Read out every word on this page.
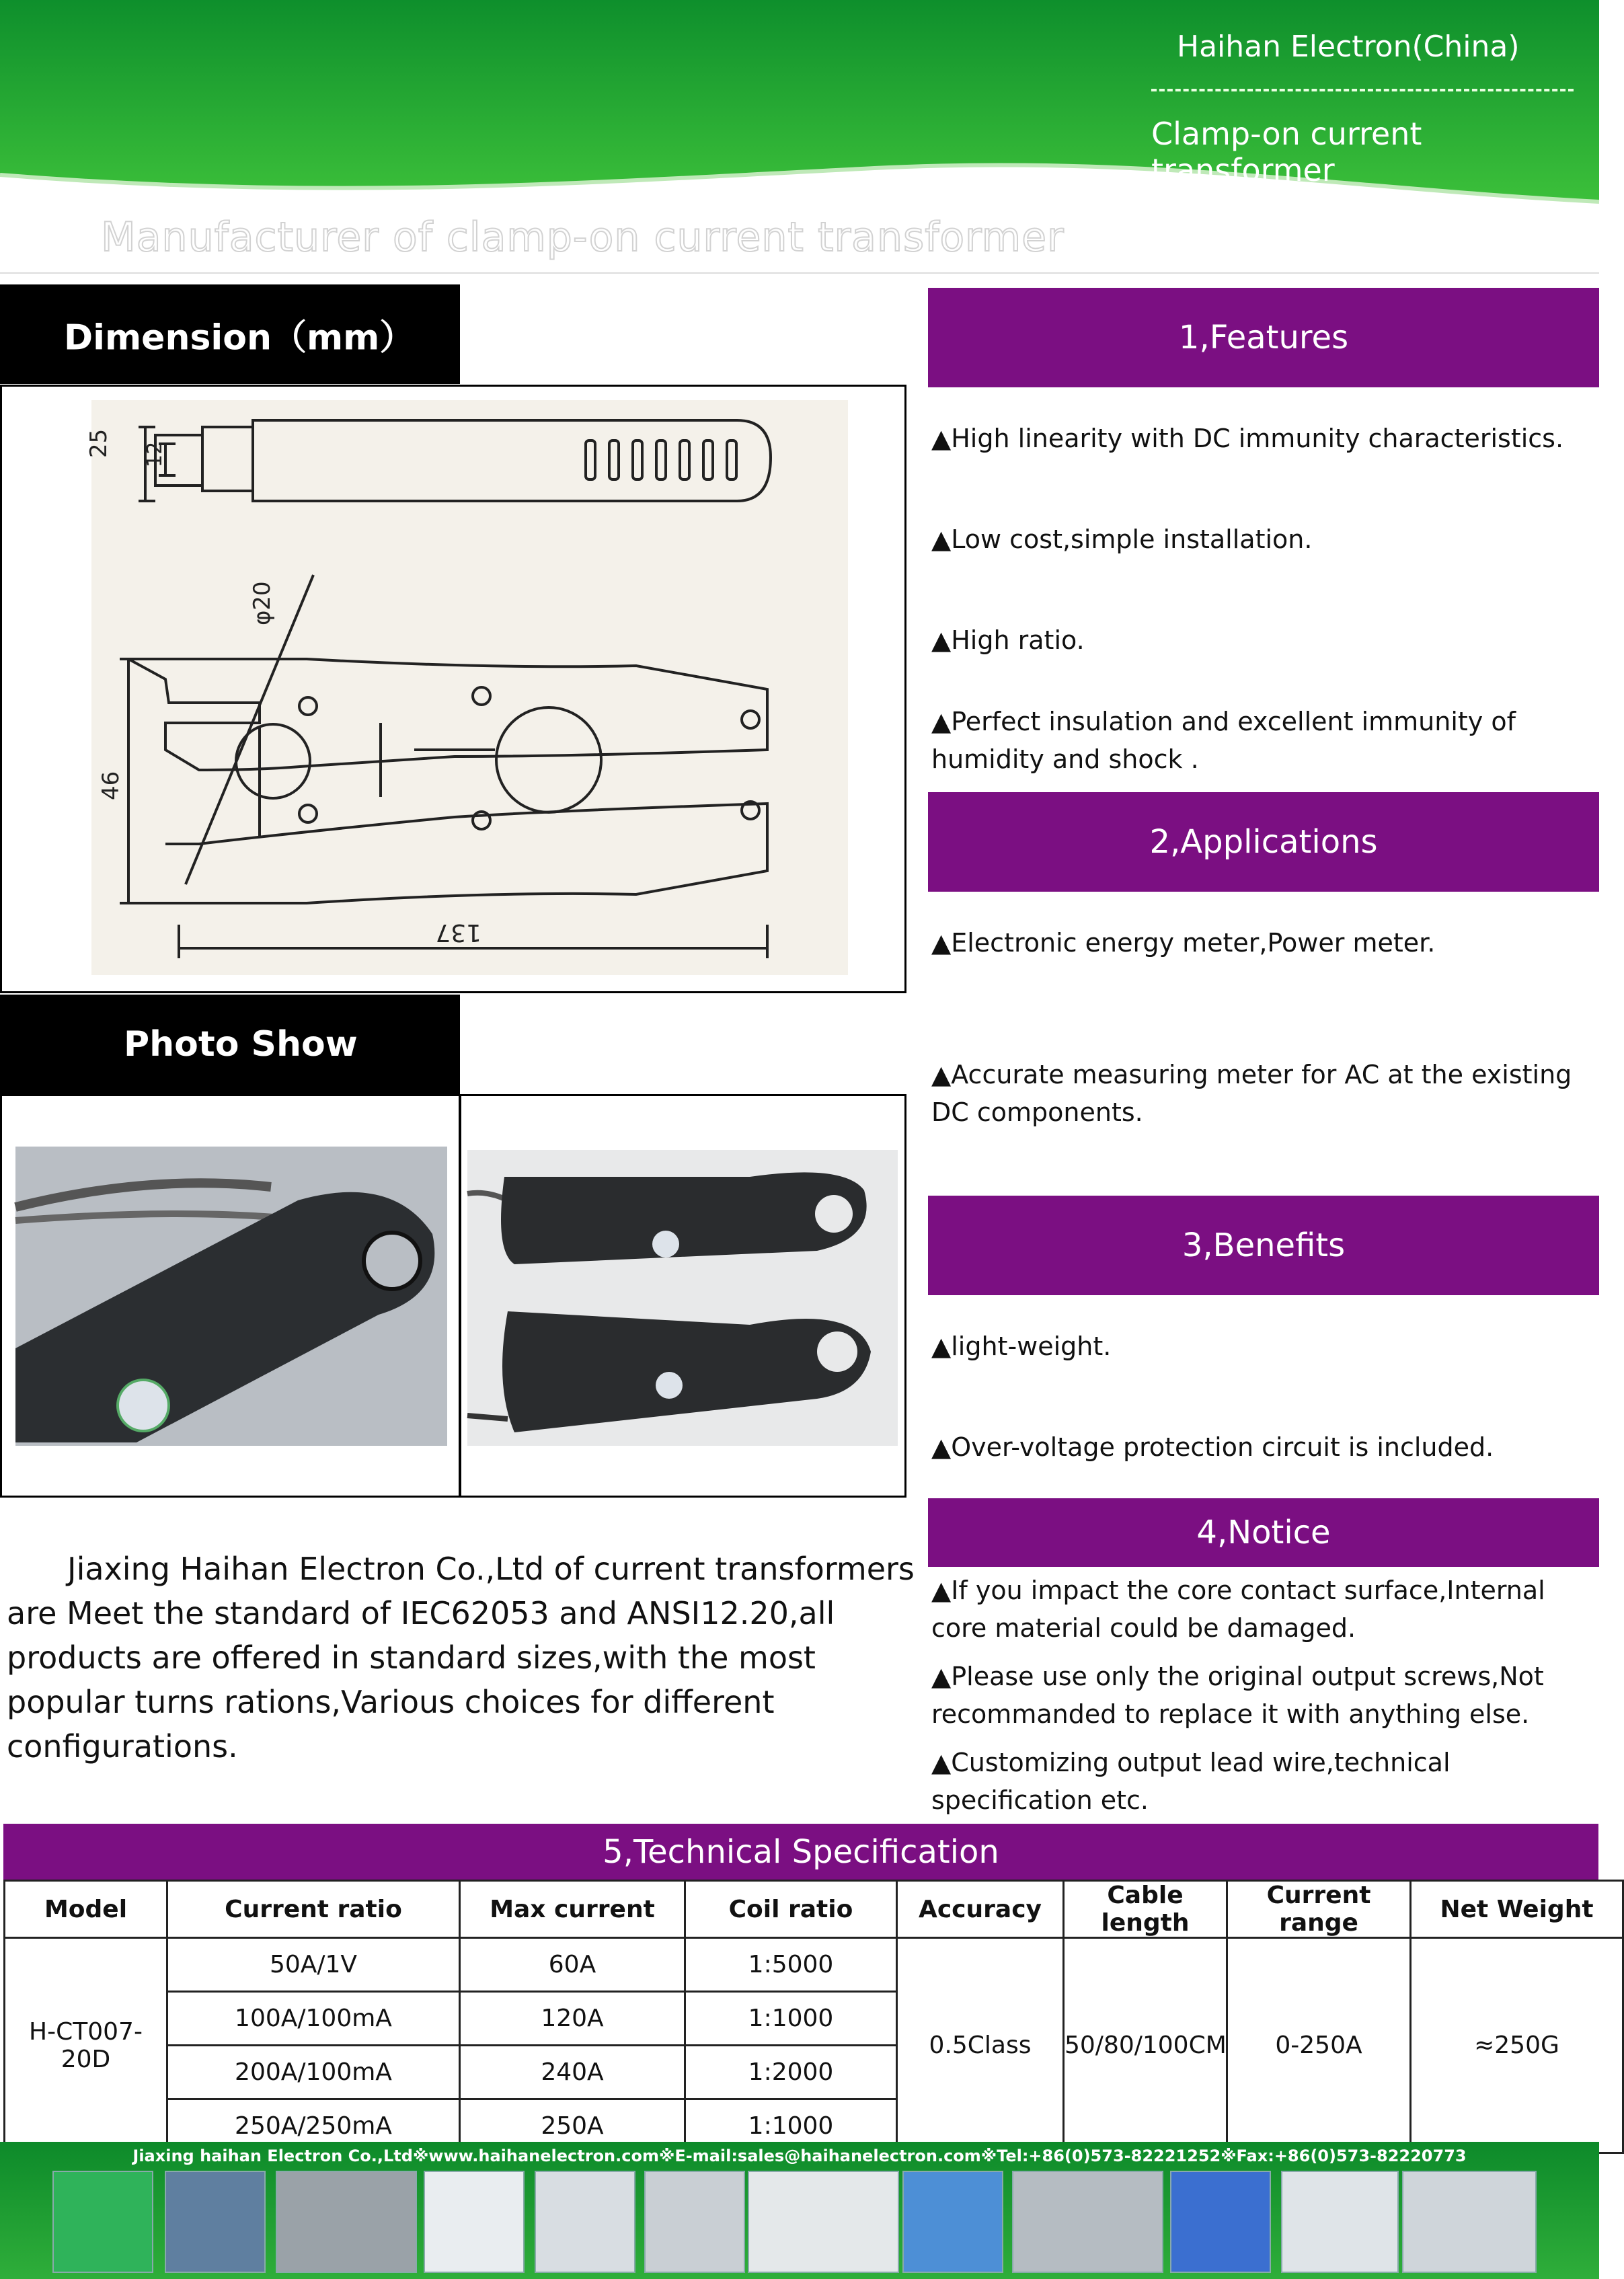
Haihan Electron(China)
Clamp-on current transformer
Manufacturer of clamp-on current transformer
Dimension（mm）
25 12
φ20
46
137
Photo Show
Jiaxing Haihan Electron Co.,Ltd of current transformers are Meet the standard of IEC62053 and ANSI12.20,all products are offered in standard sizes,with the most popular turns rations,Various choices for different configurations.
1,Features
▲High linearity with DC immunity characteristics.
▲Low cost,simple installation.
▲High ratio.
▲Perfect insulation and excellent immunity of humidity and shock .
2,Applications
▲Electronic energy meter,Power meter.
▲Accurate measuring meter for AC at the existing DC components.
3,Benefits
▲light-weight.
▲Over-voltage protection circuit is included.
4,Notice
▲If you impact the core contact surface,Internal core material could be damaged.
▲Please use only the original output screws,Not recommanded to replace it with anything else.
▲Customizing output lead wire,technical specification etc.
5,Technical Specification
Model	Current ratio	Max current	Coil ratio	Accuracy	Cable length	Current range	Net Weight
H-CT007-20D	50A/1V	60A	1:5000	0.5Class	50/80/100CM	0-250A	≈250G
	100A/100mA	120A	1:1000				
	200A/100mA	240A	1:2000				
	250A/250mA	250A	1:1000				
Jiaxing haihan Electron Co.,Ltd※www.haihanelectron.com※E-mail:sales@haihanelectron.com※Tel:+86(0)573-82221252※Fax:+86(0)573-82220773
